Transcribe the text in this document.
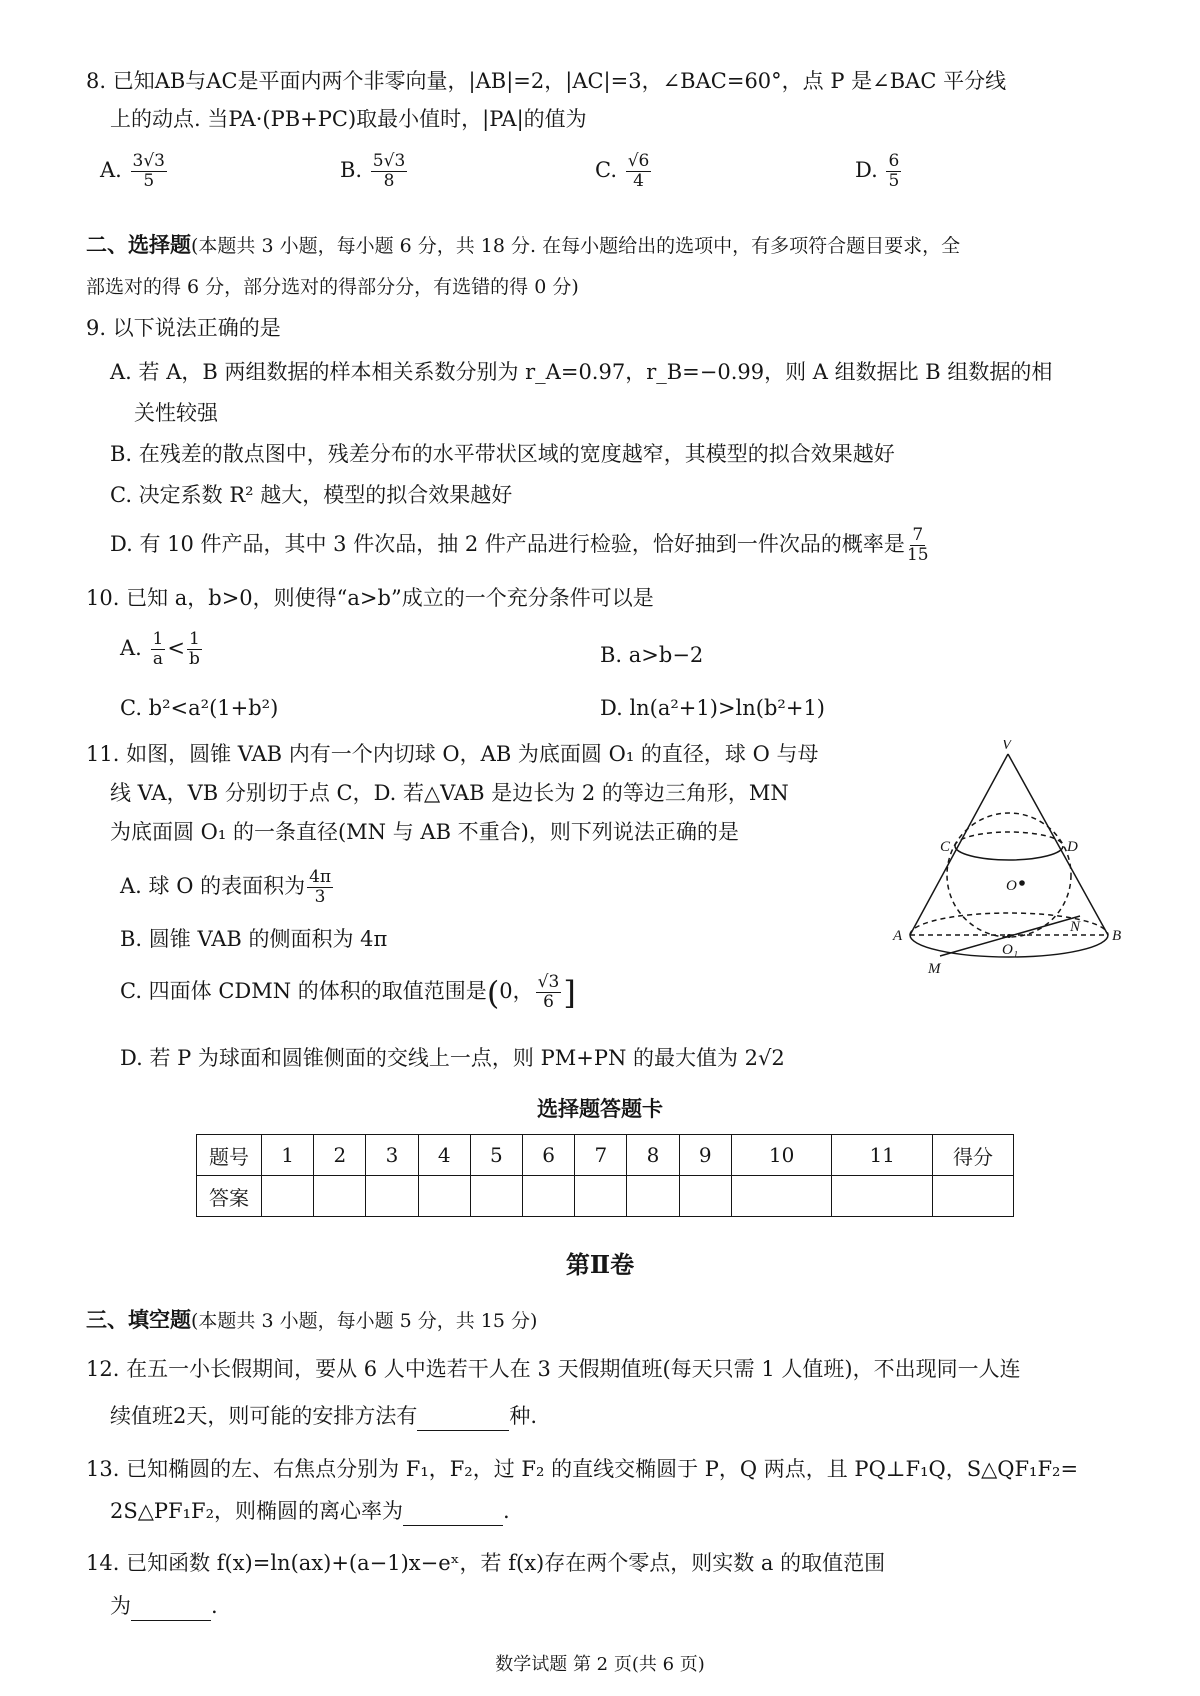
8. 已知AB与AC是平面内两个非零向量，|AB|=2，|AC|=3，∠BAC=60°，点 P 是∠BAC 平分线
上的动点. 当PA·(PB+PC)取最小值时，|PA|的值为
A. $\frac{3√3}{5}$	B. $\frac{5√3}{8}$	C. $\frac{√6}{4}$	D. $\frac{6}{5}$
二、选择题(本题共 3 小题，每小题 6 分，共 18 分. 在每小题给出的选项中，有多项符合题目要求，全
部选对的得 6 分，部分选对的得部分分，有选错的得 0 分)
9. 以下说法正确的是
A. 若 A，B 两组数据的样本相关系数分别为 r_A=0.97，r_B=−0.99，则 A 组数据比 B 组数据的相
关性较强
B. 在残差的散点图中，残差分布的水平带状区域的宽度越窄，其模型的拟合效果越好
C. 决定系数 R² 越大，模型的拟合效果越好
D. 有 10 件产品，其中 3 件次品，抽 2 件产品进行检验，恰好抽到一件次品的概率是 $\frac{7}{15}$
10. 已知 a，b>0，则使得“a>b”成立的一个充分条件可以是
A. $\frac{1}{a} < \frac{1}{b}$	B. a>b−2
C. b²<a²(1+b²)	D. ln(a²+1)>ln(b²+1)
11. 如图，圆锥 VAB 内有一个内切球 O，AB 为底面圆 O₁ 的直径，球 O 与母
线 VA，VB 分别切于点 C，D. 若△VAB 是边长为 2 的等边三角形，MN
为底面圆 O₁ 的一条直径(MN 与 AB 不重合)，则下列说法正确的是
A. 球 O 的表面积为 $\frac{4\pi}{3}$
B. 圆锥 VAB 的侧面积为 4π
C. 四面体 CDMN 的体积的取值范围是(0， $\frac{√3}{6}$ ]
D. 若 P 为球面和圆锥侧面的交线上一点，则 PM+PN 的最大值为 2√2
V
C	D
O
A	B
N
O₁
M
选择题答题卡
题号	1	2	3	4	5	6	7	8	9	10	11	得分
答案												
第Ⅱ卷
三、填空题(本题共 3 小题，每小题 5 分，共 15 分)
12. 在五一小长假期间，要从 6 人中选若干人在 3 天假期值班(每天只需 1 人值班)，不出现同一人连
续值班2天，则可能的安排方法有	种.
13. 已知椭圆的左、右焦点分别为 F₁，F₂，过 F₂ 的直线交椭圆于 P，Q 两点，且 PQ⊥F₁Q，S△QF₁F₂=
2S△PF₁F₂，则椭圆的离心率为	.
14. 已知函数 f(x)=ln(ax)+(a−1)x−eˣ，若 f(x)存在两个零点，则实数 a 的取值范围
为	.
数学试题 第 2 页(共 6 页)
